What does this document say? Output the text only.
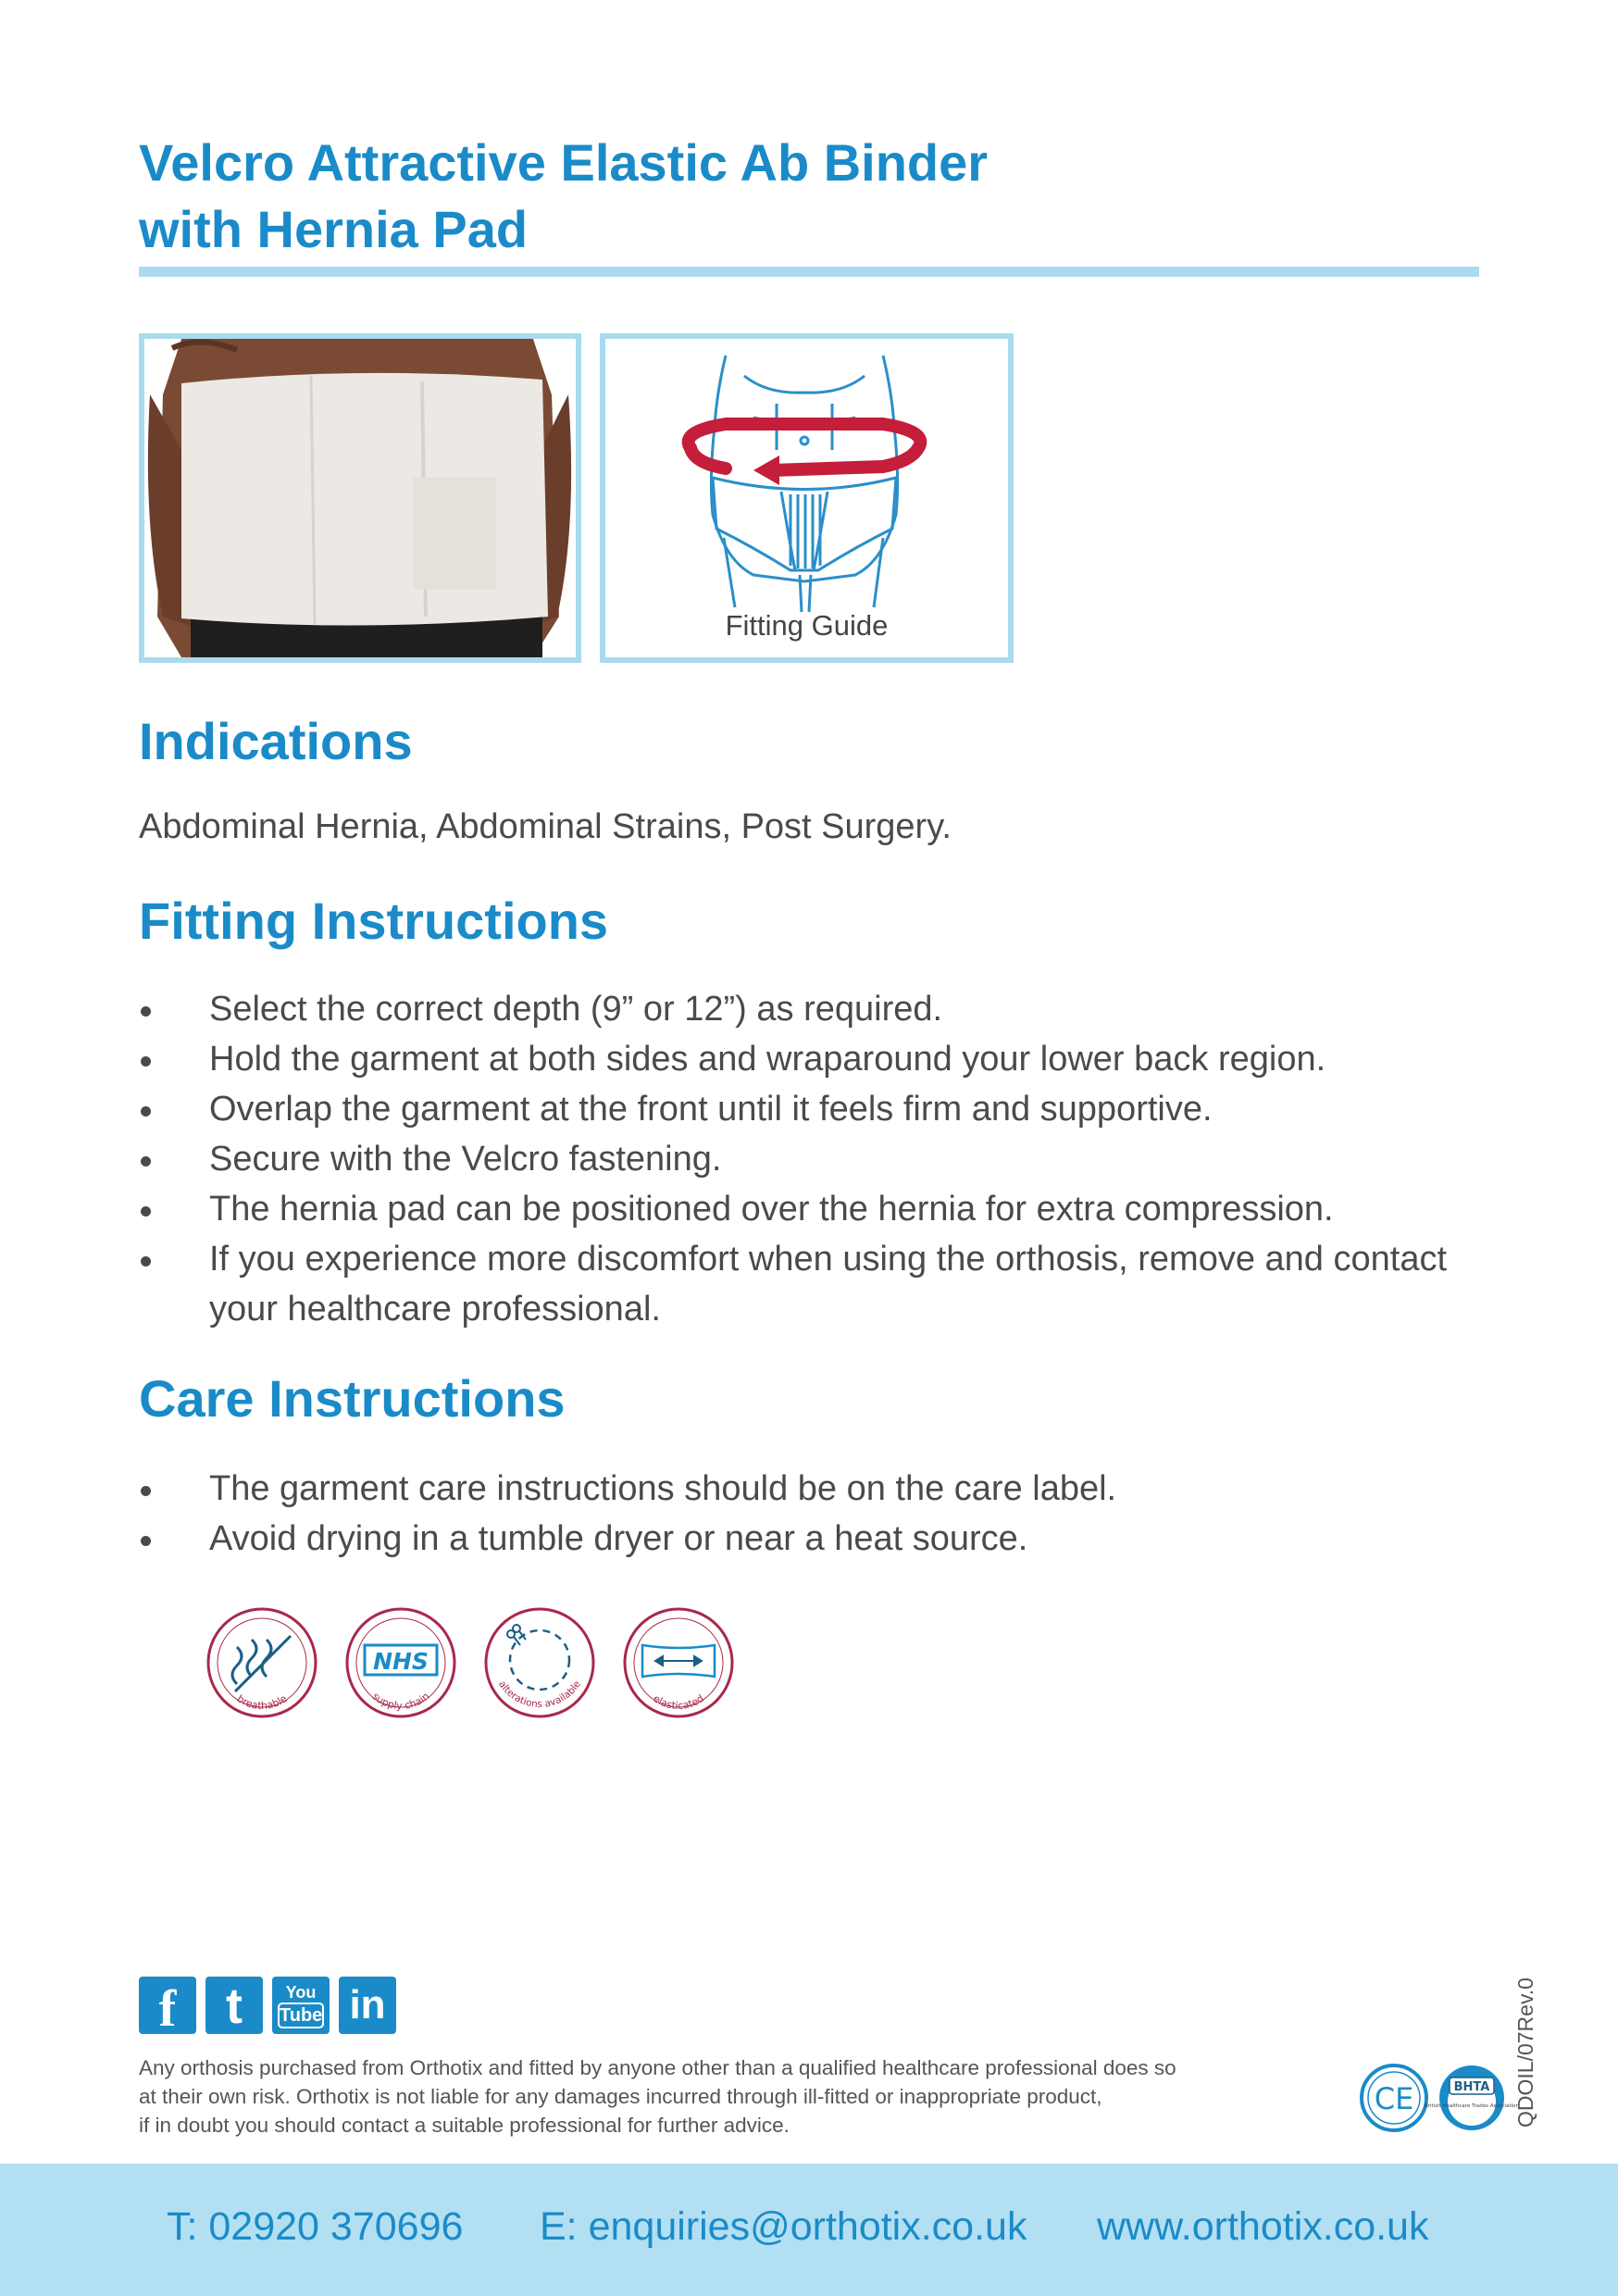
Velcro Attractive Elastic Ab Binder
with Hernia Pad
Fitting Guide
Indications

Abdominal Hernia, Abdominal Strains, Post Surgery.

Fitting Instructions
Select the correct depth (9” or 12”) as required.
Hold the garment at both sides and wraparound your lower back region.
Overlap the garment at the front until it feels firm and supportive.
Secure with the Velcro fastening.
The hernia pad can be positioned over the hernia for extra compression.
If you experience more discomfort when using the orthosis, remove and contact your healthcare professional.
Care Instructions
The garment care instructions should be on the care label.
Avoid drying in a tumble dryer or near a heat source.
breathable
NHS
supply chain
alterations available
elasticated
f t	You
Tube in
Any orthosis purchased from Orthotix and fitted by anyone other than a qualified healthcare professional does so
at their own risk. Orthotix is not liable for any damages incurred through ill-fitted or inappropriate product,
if in doubt you should contact a suitable professional for further advice.
CE	BHTA
British Healthcare Trades Association
QDOIL/07Rev.0
T: 02920 370696 E: enquiries@orthotix.co.uk www.orthotix.co.uk
